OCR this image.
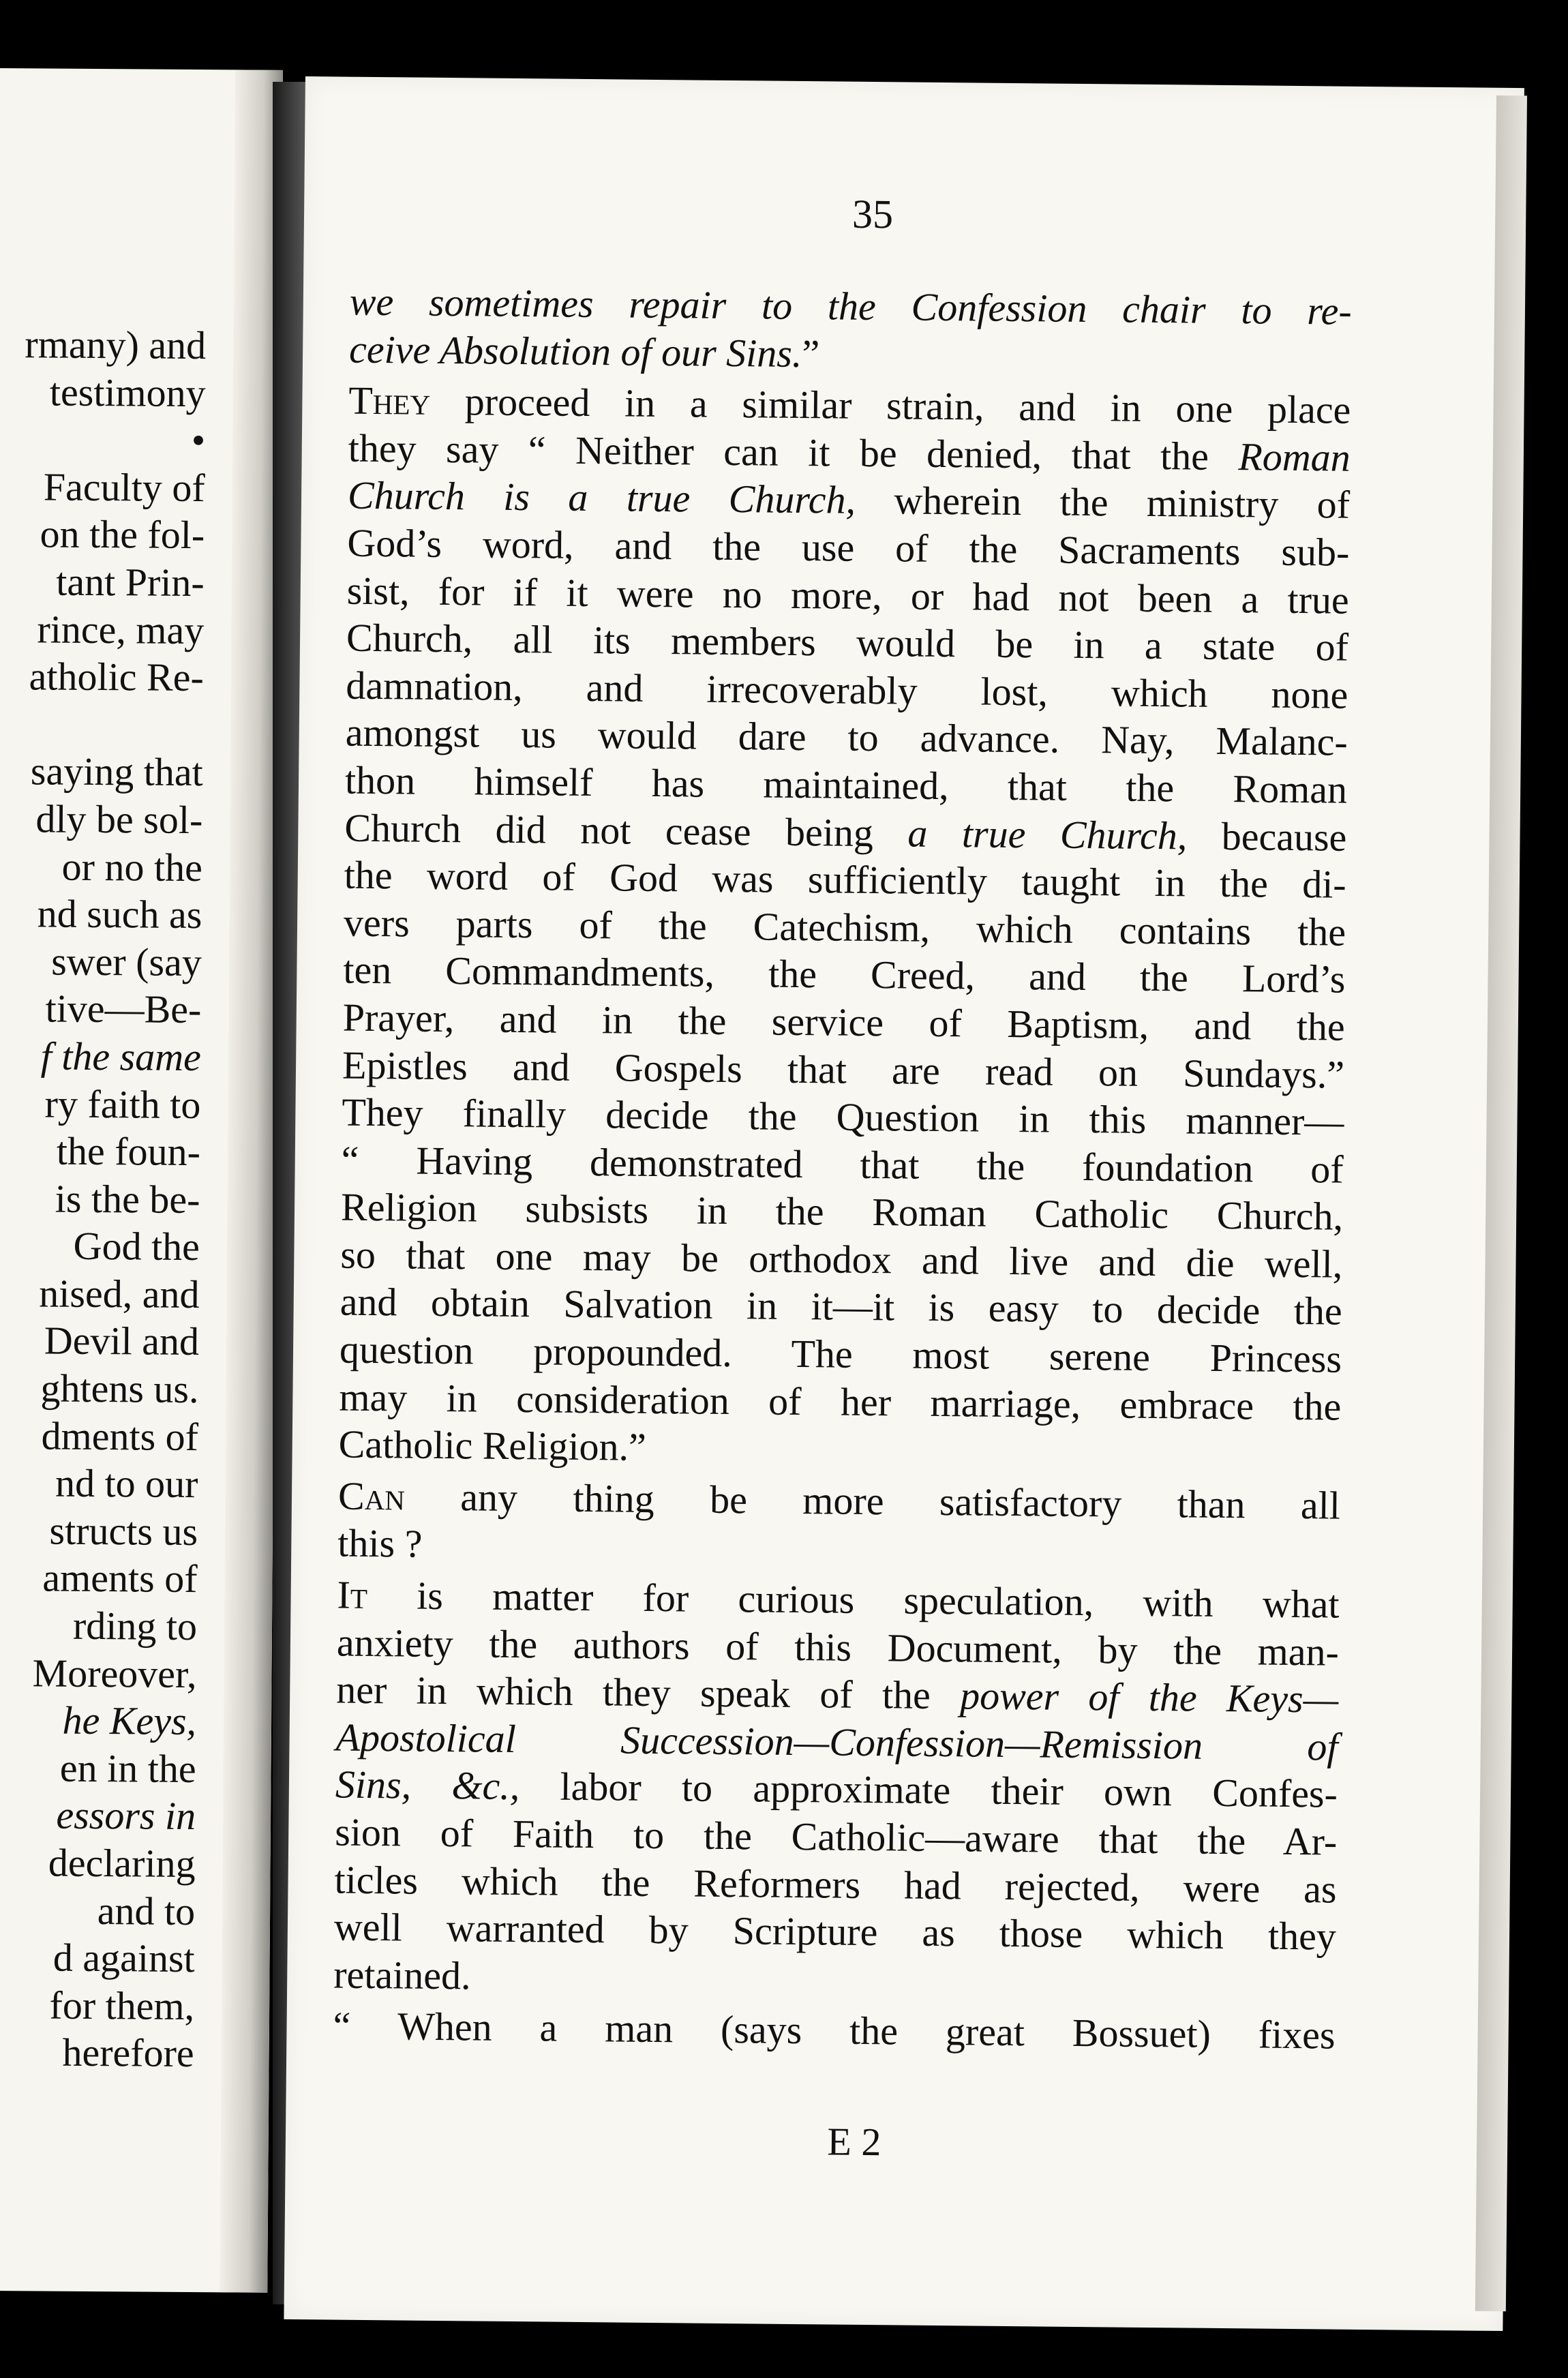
rmany) and
testimony
•
Faculty of
on the fol-
tant Prin-
rince, may
atholic Re-
saying that
dly be sol-
or no the
nd such as
swer (say
tive—Be-
f the same
ry faith to
the foun-
is the be-
God the
nised, and
Devil and
ghtens us.
dments of
nd to our
structs us
aments of
rding to
Moreover,
he Keys,
en in the
essors in
declaring
and to
d against
for them,
herefore
35
we sometimes repair to the Confession chair to re-
ceive Absolution of our Sins.”
They proceed in a similar strain, and in one place
they say “ Neither can it be denied, that the Roman
Church is a true Church, wherein the ministry of
God’s word, and the use of the Sacraments sub-
sist, for if it were no more, or had not been a true
Church, all its members would be in a state of
damnation, and irrecoverably lost, which none
amongst us would dare to advance. Nay, Malanc-
thon himself has maintained, that the Roman
Church did not cease being a true Church, because
the word of God was sufficiently taught in the di-
vers parts of the Catechism, which contains the
ten Commandments, the Creed, and the Lord’s
Prayer, and in the service of Baptism, and the
Epistles and Gospels that are read on Sundays.”
They finally decide the Question in this manner—
“ Having demonstrated that the foundation of
Religion subsists in the Roman Catholic Church,
so that one may be orthodox and live and die well,
and obtain Salvation in it—it is easy to decide the
question propounded. The most serene Princess
may in consideration of her marriage, embrace the
Catholic Religion.”
Can any thing be more satisfactory than all
this ?
It is matter for curious speculation, with what
anxiety the authors of this Document, by the man-
ner in which they speak of the power of the Keys—
Apostolical Succession—Confession—Remission of
Sins, &c., labor to approximate their own Confes-
sion of Faith to the Catholic—aware that the Ar-
ticles which the Reformers had rejected, were as
well warranted by Scripture as those which they
retained.
“ When a man (says the great Bossuet) fixes
E 2
